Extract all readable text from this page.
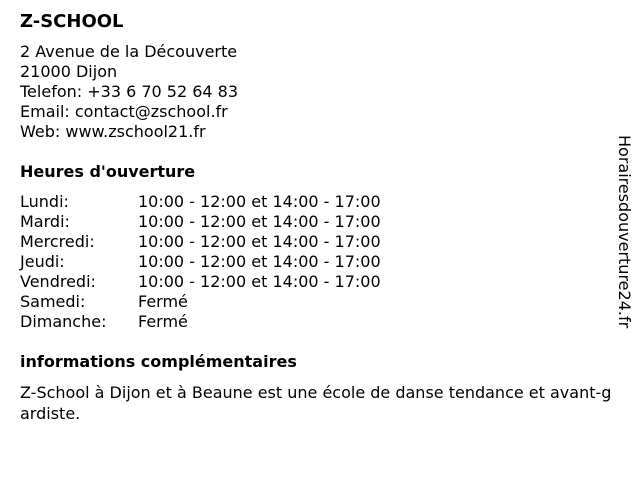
Z-SCHOOL
2 Avenue de la Découverte
21000 Dijon
Telefon: +33 6 70 52 64 83
Email: contact@zschool.fr
Web: www.zschool21.fr
Heures d'ouverture
Lundi:	10:00 - 12:00 et 14:00 - 17:00
Mardi:	10:00 - 12:00 et 14:00 - 17:00
Mercredi:	10:00 - 12:00 et 14:00 - 17:00
Jeudi:	10:00 - 12:00 et 14:00 - 17:00
Vendredi:	10:00 - 12:00 et 14:00 - 17:00
Samedi:	Fermé
Dimanche:	Fermé
informations complémentaires
Z-School à Dijon et à Beaune est une école de danse tendance et avant-gardiste.
Horairesdouverture24.fr
